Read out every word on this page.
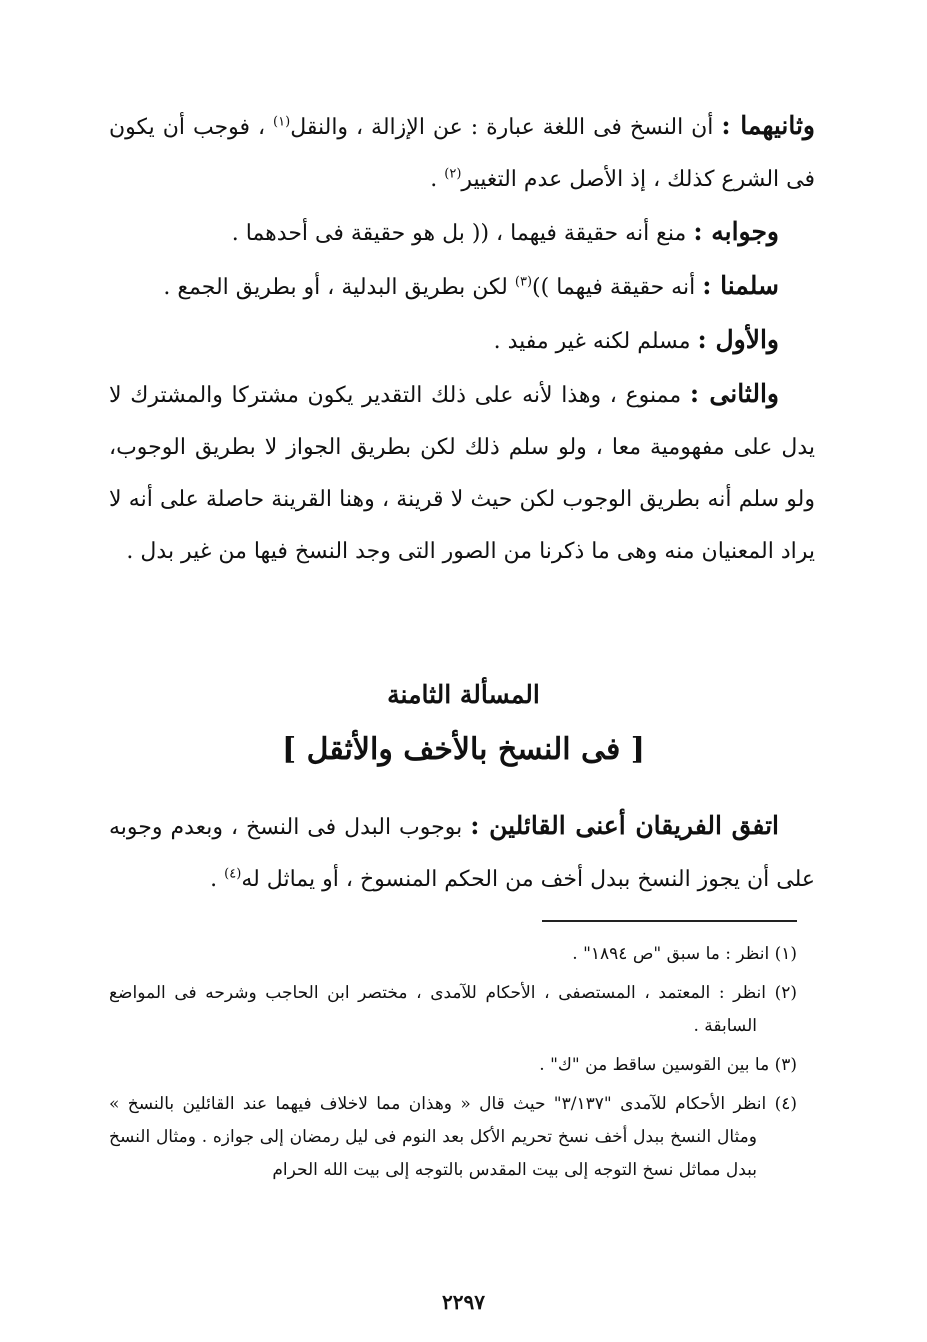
وثانيهما : أن النسخ فى اللغة عبارة : عن الإزالة ، والنقل$^{(١)}$ ، فوجب أن يكون فى الشرع كذلك ، إذ الأصل عدم التغيير$^{(٢)}$ .

وجوابه : منع أنه حقيقة فيهما ، (( بل هو حقيقة فى أحدهما .

سلمنا : أنه حقيقة فيهما ))$^{(٣)}$ لكن بطريق البدلية ، أو بطريق الجمع .

والأول : مسلم لكنه غير مفيد .

والثانى : ممنوع ، وهذا لأنه على ذلك التقدير يكون مشتركا والمشترك لا يدل على مفهومية معا ، ولو سلم ذلك لكن بطريق الجواز لا بطريق الوجوب، ولو سلم أنه بطريق الوجوب لكن حيث لا قرينة ، وهنا القرينة حاصلة على أنه لا يراد المعنيان منه وهى ما ذكرنا من الصور التى وجد النسخ فيها من غير بدل .

المسألة الثامنة
[ فى النسخ بالأخف والأثقل ]

اتفق الفريقان أعنى القائلين : بوجوب البدل فى النسخ ، وبعدم وجوبه على أن يجوز النسخ ببدل أخف من الحكم المنسوخ ، أو يماثل له$^{(٤)}$ .

(١) انظر : ما سبق "ص ١٨٩٤" .

(٢) انظر : المعتمد ، المستصفى ، الأحكام للآمدى ، مختصر ابن الحاجب وشرحه فى المواضع السابقة .

(٣) ما بين القوسين ساقط من "ك" .

(٤) انظر الأحكام للآمدى "٣/١٣٧" حيث قال « وهذان مما لاخلاف فيهما عند القائلين بالنسخ » ومثال النسخ ببدل أخف نسخ تحريم الأكل بعد النوم فى ليل رمضان إلى جوازه . ومثال النسخ ببدل مماثل نسخ التوجه إلى بيت المقدس بالتوجه إلى بيت الله الحرام

٢٢٩٧
